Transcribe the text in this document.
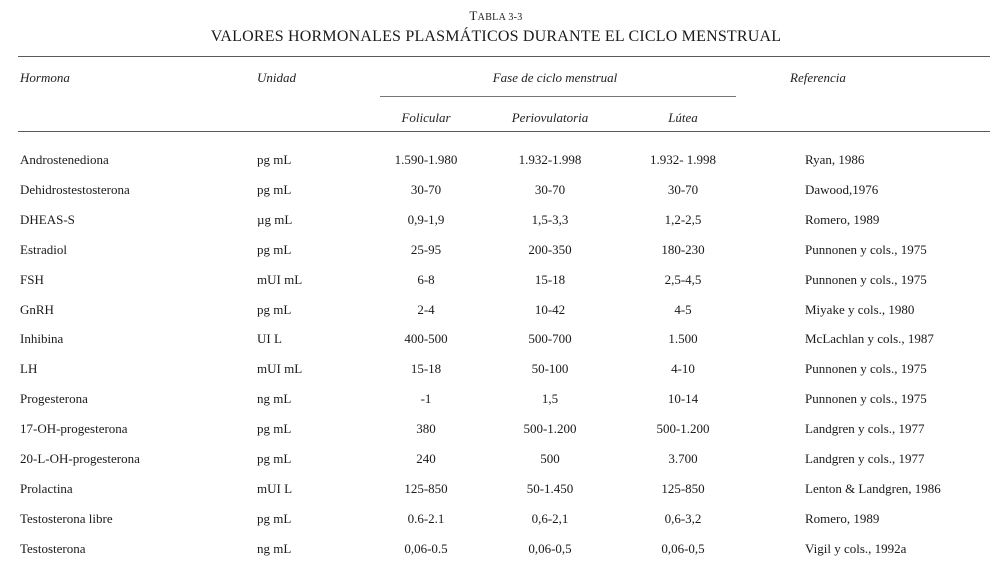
TABLA 3-3
VALORES HORMONALES PLASMÁTICOS DURANTE EL CICLO MENSTRUAL
Hormona	Unidad	Fase de ciclo menstrual	Referencia
Folicular	Periovulatoria	Lútea
Androstenediona	pg mL	1.590-1.980	1.932-1.998	1.932- 1.998	Ryan, 1986
Dehidrostestosterona	pg mL	30-70	30-70	30-70	Dawood,1976
DHEAS-S	µg mL	0,9-1,9	1,5-3,3	1,2-2,5	Romero, 1989
Estradiol	pg mL	25-95	200-350	180-230	Punnonen y cols., 1975
FSH	mUI mL	6-8	15-18	2,5-4,5	Punnonen y cols., 1975
GnRH	pg mL	2-4	10-42	4-5	Miyake y cols., 1980
Inhibina	UI L	400-500	500-700	1.500	McLachlan y cols., 1987
LH	mUI mL	15-18	50-100	4-10	Punnonen y cols., 1975
Progesterona	ng mL	-1	1,5	10-14	Punnonen y cols., 1975
17-OH-progesterona	pg mL	380	500-1.200	500-1.200	Landgren y cols., 1977
20-L-OH-progesterona	pg mL	240	500	3.700	Landgren y cols., 1977
Prolactina	mUI L	125-850	50-1.450	125-850	Lenton & Landgren, 1986
Testosterona libre	pg mL	0.6-2.1	0,6-2,1	0,6-3,2	Romero, 1989
Testosterona	ng mL	0,06-0.5	0,06-0,5	0,06-0,5	Vigil y cols., 1992a
